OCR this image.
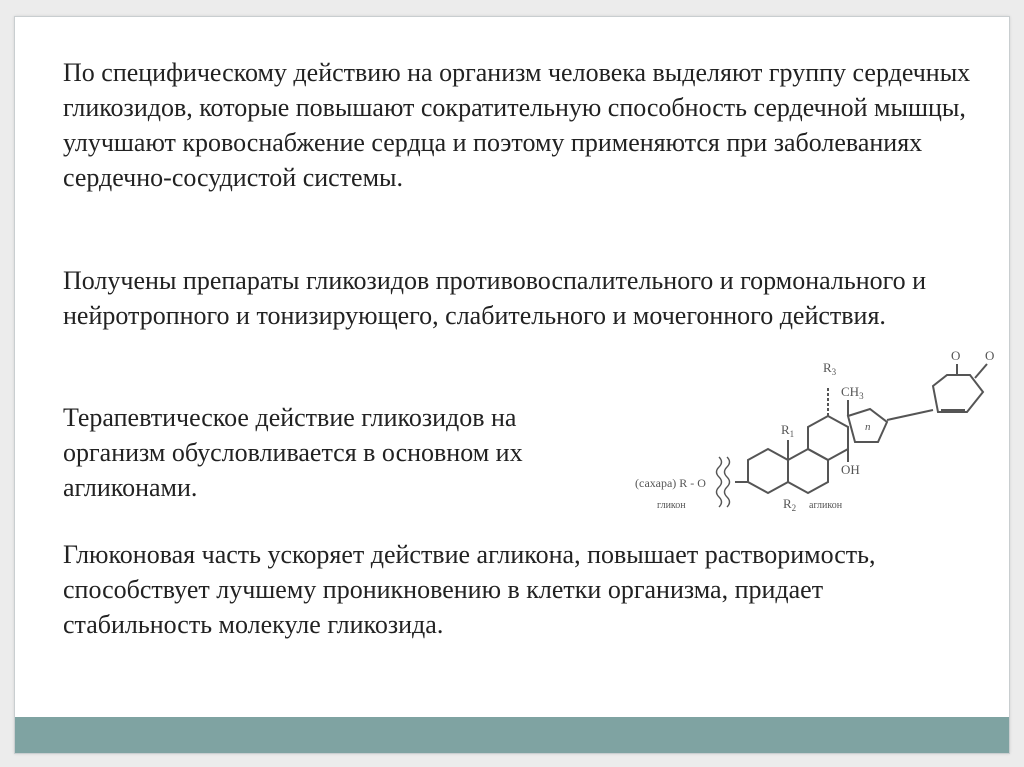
По специфическому действию на организм человека выделяют группу сердечных гликозидов, которые повышают сократительную способность сердечной мышцы, улучшают кровоснабжение сердца и поэтому применяются при заболеваниях сердечно-сосудистой системы.

Получены препараты гликозидов противовоспалительного и гормонального и нейротропного и тонизирующего, слабительного и мочегонного действия.

Терапевтическое действие гликозидов на организм обусловливается в основном их агликонами.

Глюконовая часть ускоряет действие агликона, повышает растворимость, способствует лучшему проникновению в клетки организма, придает стабильность молекуле гликозида.

$R_3$
$CH_3$
$R_1$
OH
n
(сахара) R - O
гликон	$R_2$ агликон
O O
